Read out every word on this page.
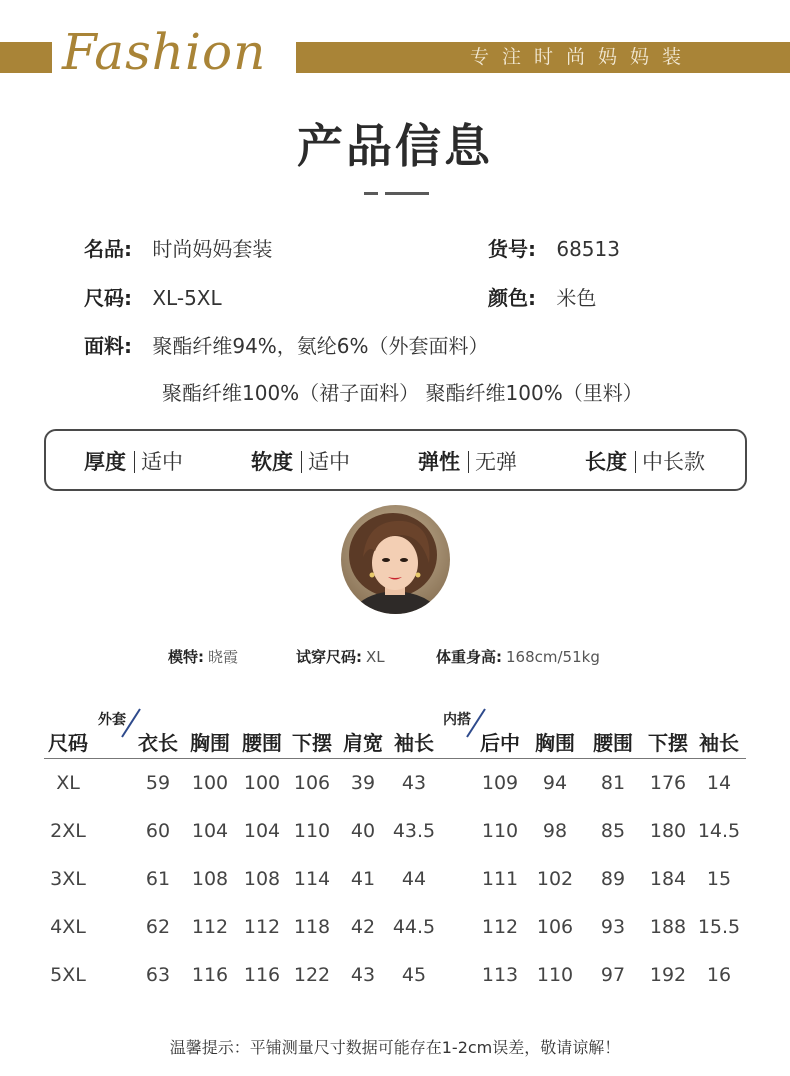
Fashion	专注时尚妈妈装
产品信息
名品: 时尚妈妈套装	货号: 68513
尺码: XL-5XL	颜色: 米色
面料: 聚酯纤维94%，氨纶6%（外套面料）
聚酯纤维100%（裙子面料） 聚酯纤维100%（里料）
厚度 适中	软度 适中	弹性 无弹	长度 中长款
模特: 晓霞	试穿尺码: XL	体重身高: 168cm/51kg
外套	内搭
尺码	衣长 胸围 腰围 下摆 肩宽 袖长	后中 胸围 腰围 下摆 袖长
XL	59	100 100 106	39	43	109	94	81	176	14
2XL	60	104 104 110	40 43.5	110	98	85	180 14.5
3XL	61	108 108 114	41	44	111 102	89	184	15
4XL	62	112 112 118	42 44.5	112 106	93	188 15.5
5XL	63	116 116 122	43	45	113 110	97	192	16
温馨提示：平铺测量尺寸数据可能存在1-2cm误差，敬请谅解！
